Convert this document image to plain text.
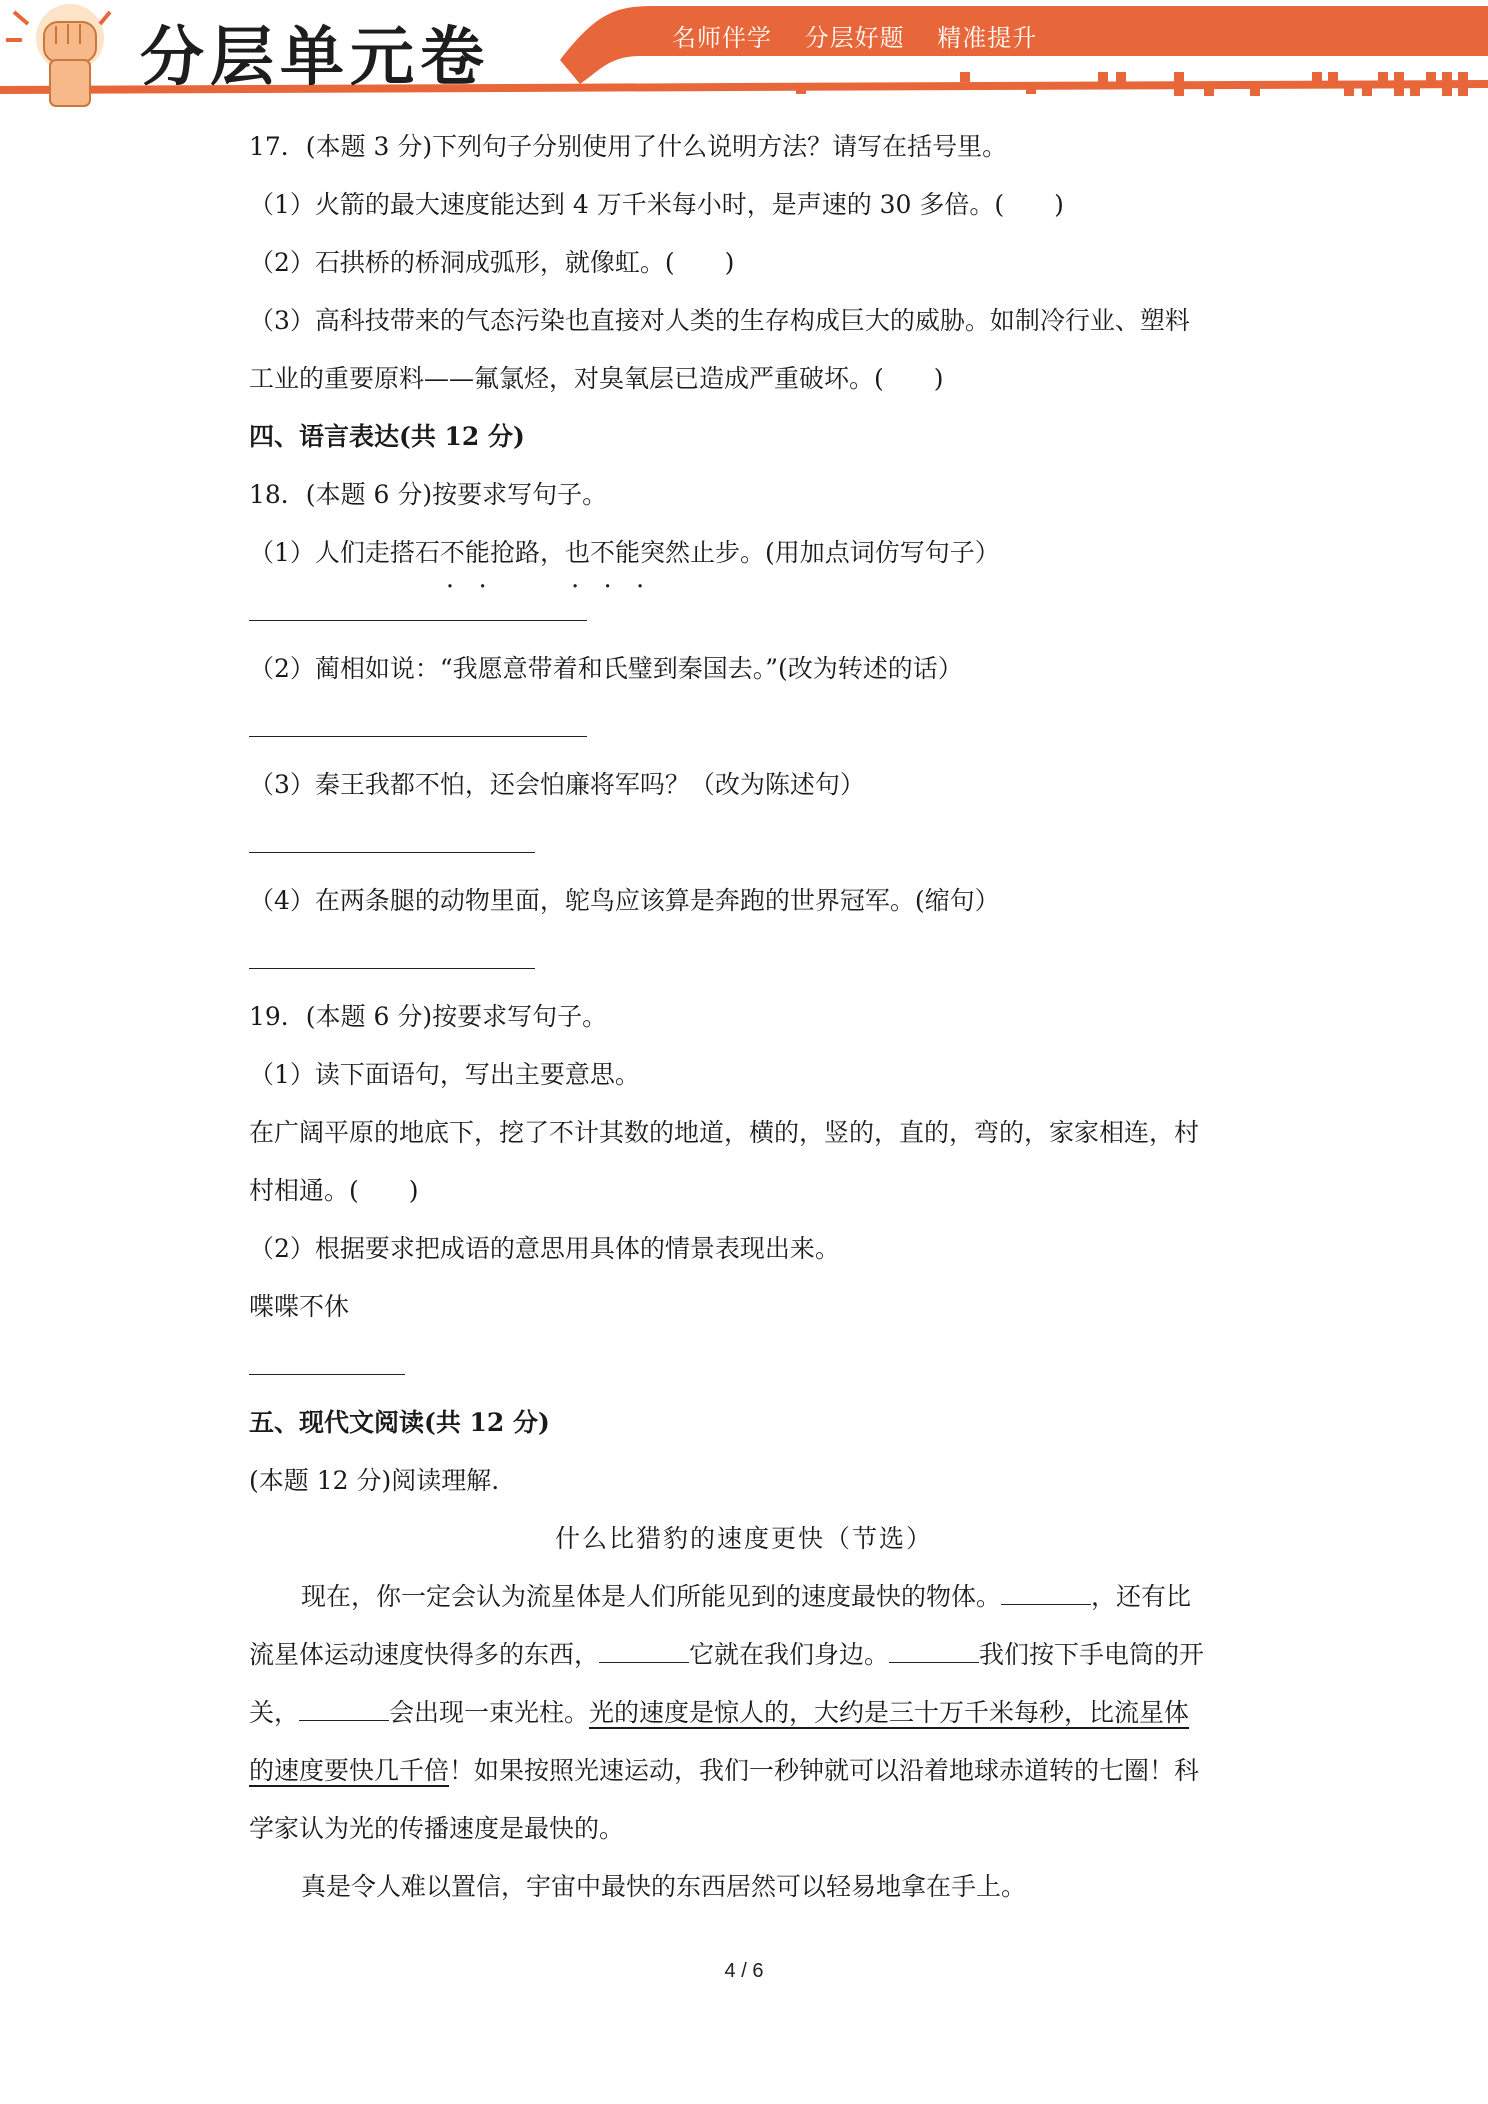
分层单元卷	名师伴学 分层好题 精准提升
17．(本题 3 分)下列句子分别使用了什么说明方法？请写在括号里。
（1）火箭的最大速度能达到 4 万千米每小时，是声速的 30 多倍。(　　)
（2）石拱桥的桥洞成弧形，就像虹。(　　)
（3）高科技带来的气态污染也直接对人类的生存构成巨大的威胁。如制冷行业、塑料
工业的重要原料——氟氯烃，对臭氧层已造成严重破坏。(　　)
四、语言表达(共 12 分)
18．(本题 6 分)按要求写句子。
（1）人们走搭石不能 · ·抢路，也不能 · · ·突然止步。(用加点词仿写句子）
（2）蔺相如说：“我愿意带着和氏璧到秦国去。”(改为转述的话）
（3）秦王我都不怕，还会怕廉将军吗？（改为陈述句）
（4）在两条腿的动物里面，鸵鸟应该算是奔跑的世界冠军。(缩句）
19．(本题 6 分)按要求写句子。
（1）读下面语句，写出主要意思。
在广阔平原的地底下，挖了不计其数的地道，横的，竖的，直的，弯的，家家相连，村
村相通。(　　)
（2）根据要求把成语的意思用具体的情景表现出来。
喋喋不休
五、现代文阅读(共 12 分)
(本题 12 分)阅读理解.
什么比猎豹的速度更快（节选）
现在，你一定会认为流星体是人们所能见到的速度最快的物体。	，还有比
流星体运动速度快得多的东西，	它就在我们身边。	我们按下手电筒的开
关，	会出现一束光柱。光的速度是惊人的，大约是三十万千米每秒，比流星体
的速度要快几千倍！如果按照光速运动，我们一秒钟就可以沿着地球赤道转的七圈！科
学家认为光的传播速度是最快的。
真是令人难以置信，宇宙中最快的东西居然可以轻易地拿在手上。
4 / 6
